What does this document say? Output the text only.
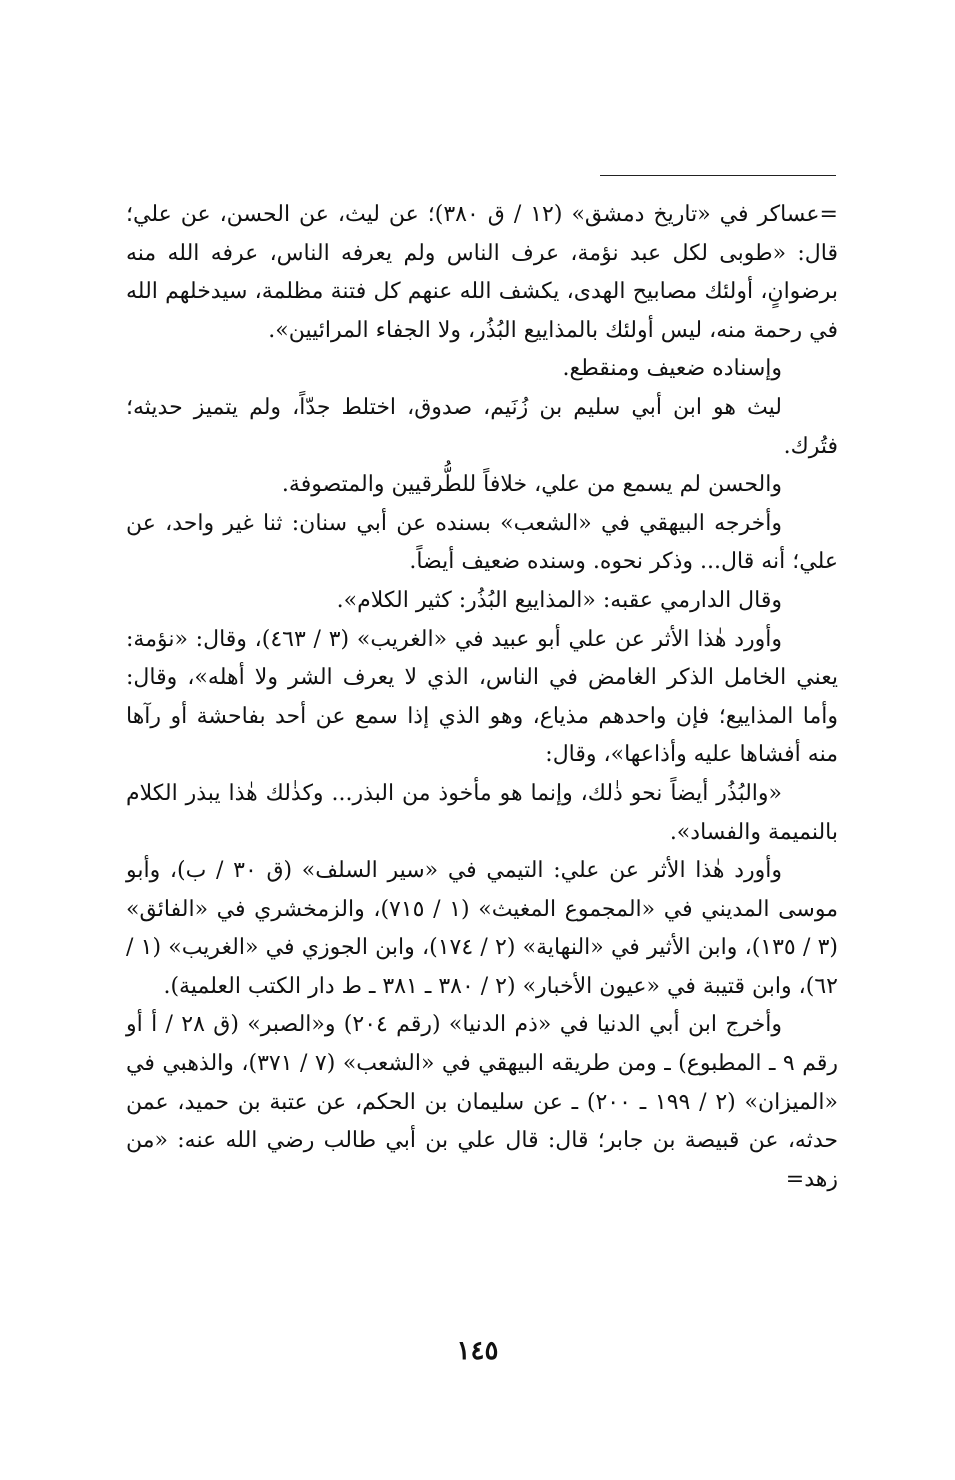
=عساكر في «تاريخ دمشق» (١٢ / ق ٣٨٠)؛ عن ليث، عن الحسن، عن علي؛ قال: «طوبى لكل عبد نؤمة، عرف الناس ولم يعرفه الناس، عرفه الله منه برضوانٍ، أولئك مصابيح الهدى، يكشف الله عنهم كل فتنة مظلمة، سيدخلهم الله في رحمة منه، ليس أولئك بالمذاييع البُذُر، ولا الجفاء المرائيين».

وإسناده ضعيف ومنقطع.

ليث هو ابن أبي سليم بن زُنَيم، صدوق، اختلط جدّاً، ولم يتميز حديثه؛ فتُرك.

والحسن لم يسمع من علي، خلافاً للطُّرقيين والمتصوفة.

وأخرجه البيهقي في «الشعب» بسنده عن أبي سنان: ثنا غير واحد، عن علي؛ أنه قال... وذكر نحوه. وسنده ضعيف أيضاً.

وقال الدارمي عقبه: «المذاييع البُذُر: كثير الكلام».

وأورد هٰذا الأثر عن علي أبو عبيد في «الغريب» (٣ / ٤٦٣)، وقال: «نؤمة: يعني الخامل الذكر الغامض في الناس، الذي لا يعرف الشر ولا أهله»، وقال: وأما المذاييع؛ فإن واحدهم مذياع، وهو الذي إذا سمع عن أحد بفاحشة أو رآها منه أفشاها عليه وأذاعها»، وقال:

«والبُذُر أيضاً نحو ذٰلك، وإنما هو مأخوذ من البذر... وكذٰلك هٰذا يبذر الكلام بالنميمة والفساد».

وأورد هٰذا الأثر عن علي: التيمي في «سير السلف» (ق ٣٠ / ب)، وأبو موسى المديني في «المجموع المغيث» (١ / ٧١٥)، والزمخشري في «الفائق» (٣ / ١٣٥)، وابن الأثير في «النهاية» (٢ / ١٧٤)، وابن الجوزي في «الغريب» (١ / ٦٢)، وابن قتيبة في «عيون الأخبار» (٢ / ٣٨٠ ـ ٣٨١ ـ ط دار الكتب العلمية).

وأخرج ابن أبي الدنيا في «ذم الدنيا» (رقم ٢٠٤) و«الصبر» (ق ٢٨ / أ أو رقم ٩ ـ المطبوع) ـ ومن طريقه البيهقي في «الشعب» (٧ / ٣٧١)، والذهبي في «الميزان» (٢ / ١٩٩ ـ ٢٠٠) ـ عن سليمان بن الحكم، عن عتبة بن حميد، عمن حدثه، عن قبيصة بن جابر؛ قال: قال علي بن أبي طالب رضي الله عنه: «من زهد=

١٤٥
